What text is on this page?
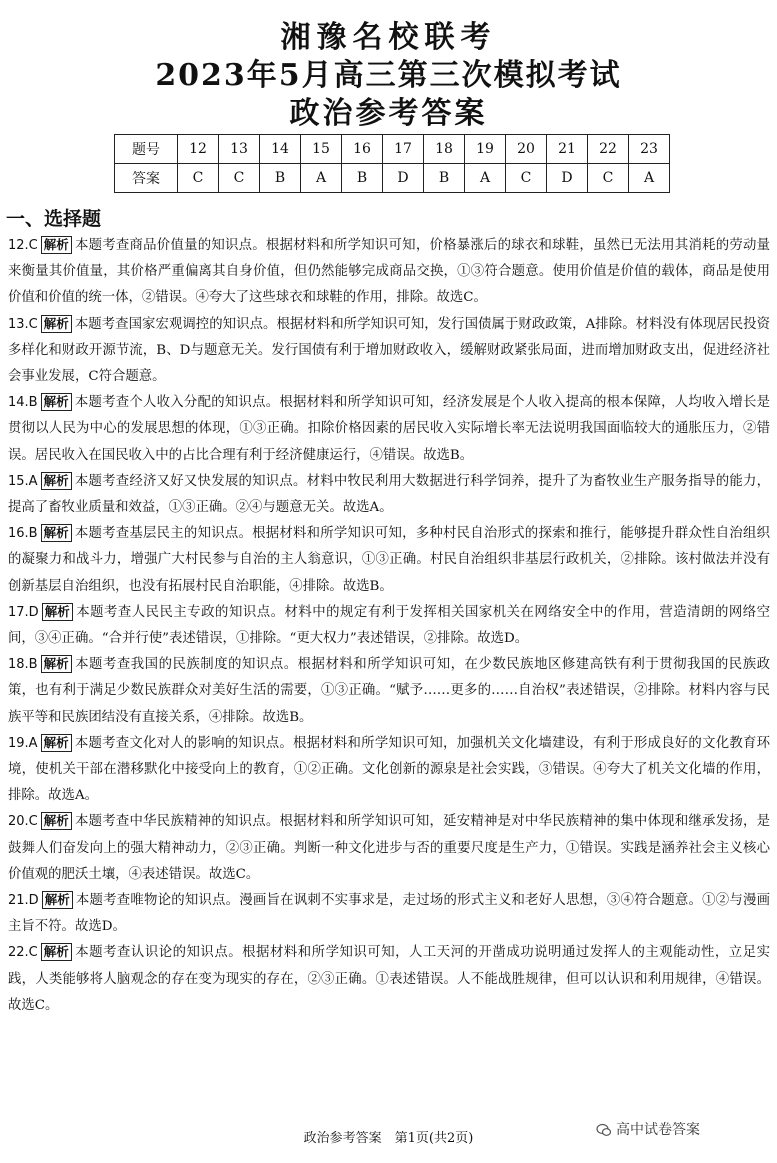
湘豫名校联考
2023年5月高三第三次模拟考试
政治参考答案
题号	12	13	14	15	16	17	18	19	20	21	22	23
答案	C	C	B	A	B	D	B	A	C	D	C	A
一、选择题

12.C 解析 本题考查商品价值量的知识点。根据材料和所学知识可知，价格暴涨后的球衣和球鞋，虽然已无法用其消耗的劳动量来衡量其价值量，其价格严重偏离其自身价值，但仍然能够完成商品交换，①③符合题意。使用价值是价值的载体，商品是使用价值和价值的统一体，②错误。④夸大了这些球衣和球鞋的作用，排除。故选C。

13.C 解析 本题考查国家宏观调控的知识点。根据材料和所学知识可知，发行国债属于财政政策，A排除。材料没有体现居民投资多样化和财政开源节流，B、D与题意无关。发行国债有利于增加财政收入，缓解财政紧张局面，进而增加财政支出，促进经济社会事业发展，C符合题意。

14.B 解析 本题考查个人收入分配的知识点。根据材料和所学知识可知，经济发展是个人收入提高的根本保障，人均收入增长是贯彻以人民为中心的发展思想的体现，①③正确。扣除价格因素的居民收入实际增长率无法说明我国面临较大的通胀压力，②错误。居民收入在国民收入中的占比合理有利于经济健康运行，④错误。故选B。

15.A 解析 本题考查经济又好又快发展的知识点。材料中牧民利用大数据进行科学饲养，提升了为畜牧业生产服务指导的能力，提高了畜牧业质量和效益，①③正确。②④与题意无关。故选A。

16.B 解析 本题考查基层民主的知识点。根据材料和所学知识可知，多种村民自治形式的探索和推行，能够提升群众性自治组织的凝聚力和战斗力，增强广大村民参与自治的主人翁意识，①③正确。村民自治组织非基层行政机关，②排除。该村做法并没有创新基层自治组织，也没有拓展村民自治职能，④排除。故选B。

17.D 解析 本题考查人民民主专政的知识点。材料中的规定有利于发挥相关国家机关在网络安全中的作用，营造清朗的网络空间，③④正确。“合并行使”表述错误，①排除。“更大权力”表述错误，②排除。故选D。

18.B 解析 本题考查我国的民族制度的知识点。根据材料和所学知识可知，在少数民族地区修建高铁有利于贯彻我国的民族政策，也有利于满足少数民族群众对美好生活的需要，①③正确。“赋予……更多的……自治权”表述错误，②排除。材料内容与民族平等和民族团结没有直接关系，④排除。故选B。

19.A 解析 本题考查文化对人的影响的知识点。根据材料和所学知识可知，加强机关文化墙建设，有利于形成良好的文化教育环境，使机关干部在潜移默化中接受向上的教育，①②正确。文化创新的源泉是社会实践，③错误。④夸大了机关文化墙的作用，排除。故选A。

20.C 解析 本题考查中华民族精神的知识点。根据材料和所学知识可知，延安精神是对中华民族精神的集中体现和继承发扬，是鼓舞人们奋发向上的强大精神动力，②③正确。判断一种文化进步与否的重要尺度是生产力，①错误。实践是涵养社会主义核心价值观的肥沃土壤，④表述错误。故选C。

21.D 解析 本题考查唯物论的知识点。漫画旨在讽刺不实事求是，走过场的形式主义和老好人思想，③④符合题意。①②与漫画主旨不符。故选D。

22.C 解析 本题考查认识论的知识点。根据材料和所学知识可知，人工天河的开凿成功说明通过发挥人的主观能动性，立足实践，人类能够将人脑观念的存在变为现实的存在，②③正确。①表述错误。人不能战胜规律，但可以认识和利用规律，④错误。故选C。

政治参考答案　第1页(共2页)
高中试卷答案
